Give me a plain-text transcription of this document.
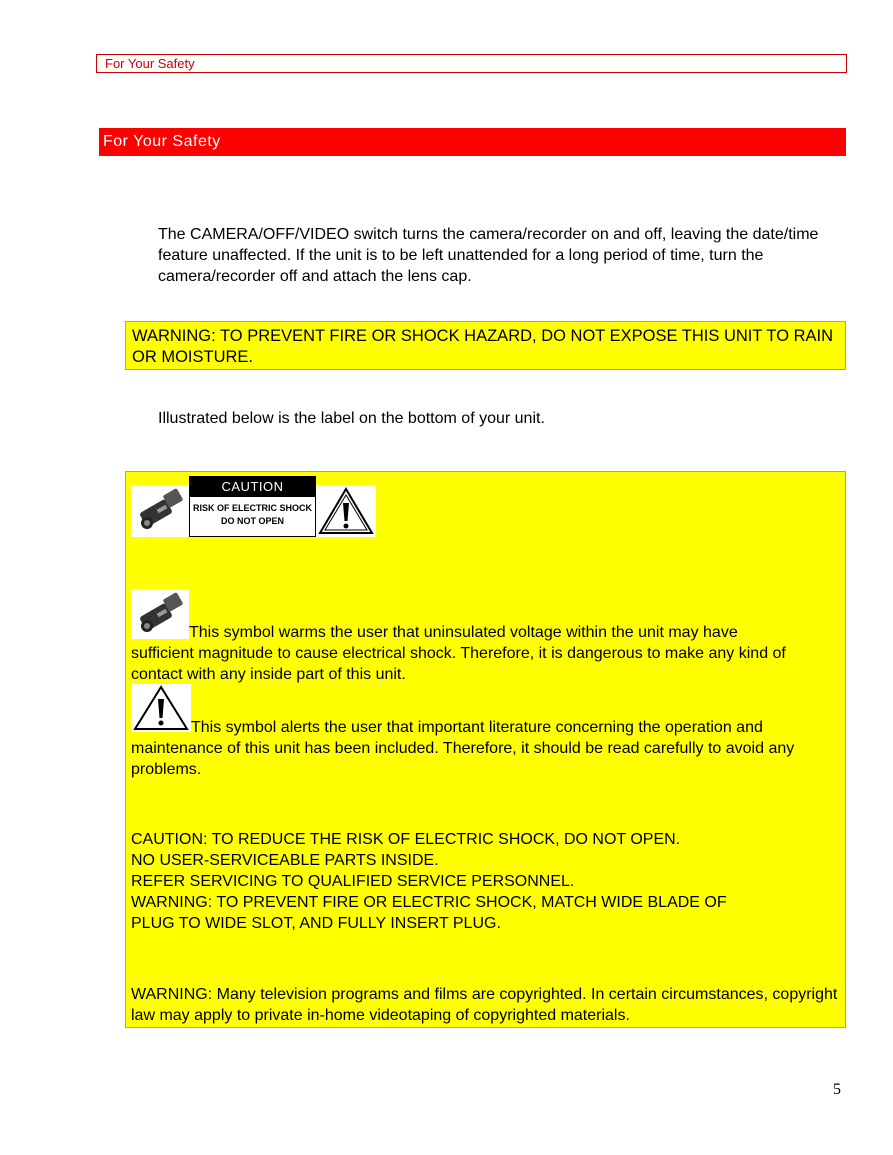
For Your Safety
For Your Safety
The CAMERA/OFF/VIDEO switch turns the camera/recorder on and off, leaving the date/time feature unaffected. If the unit is to be left unattended for a long period of time, turn the camera/recorder off and attach the lens cap.
WARNING: TO PREVENT FIRE OR SHOCK HAZARD, DO NOT EXPOSE THIS UNIT TO RAIN OR MOISTURE.
Illustrated below is the label on the bottom of your unit.
CAUTION
RISK OF ELECTRIC SHOCK
DO NOT OPEN
This symbol warms the user that uninsulated voltage within the unit may have
sufficient magnitude to cause electrical shock. Therefore, it is dangerous to make any kind of contact with any inside part of this unit.
This symbol alerts the user that important literature concerning the operation and
maintenance of this unit has been included. Therefore, it should be read carefully to avoid any problems.
CAUTION: TO REDUCE THE RISK OF ELECTRIC SHOCK, DO NOT OPEN.
NO USER-SERVICEABLE PARTS INSIDE.
REFER SERVICING TO QUALIFIED SERVICE PERSONNEL.
WARNING: TO PREVENT FIRE OR ELECTRIC SHOCK, MATCH WIDE BLADE OF
PLUG TO WIDE SLOT, AND FULLY INSERT PLUG.
WARNING: Many television programs and films are copyrighted. In certain circumstances, copyright law may apply to private in-home videotaping of copyrighted materials.
5
